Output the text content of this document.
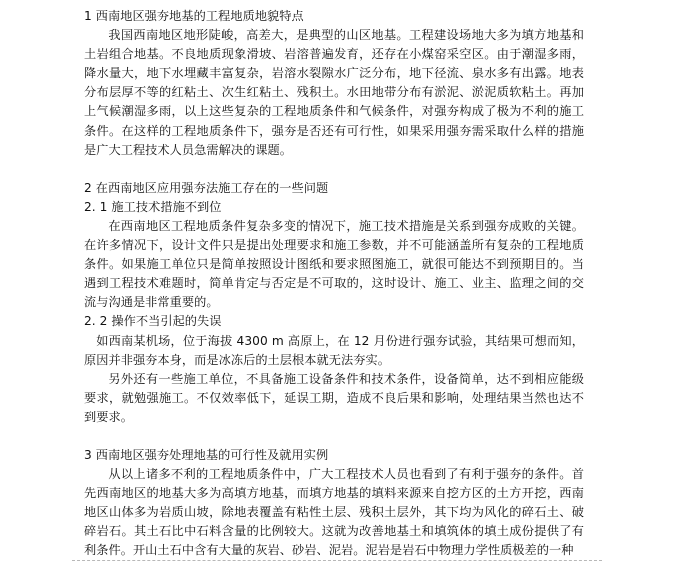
1 西南地区强夯地基的工程地质地貌特点

我国西南地区地形陡峻，高差大，是典型的山区地基。工程建设场地大多为填方地基和土岩组合地基。不良地质现象滑坡、岩溶普遍发育，还存在小煤窑采空区。由于潮湿多雨，降水量大，地下水埋藏丰富复杂，岩溶水裂隙水广泛分布，地下径流、泉水多有出露。地表分布层厚不等的红粘土、次生红粘土、残积土。水田地带分布有淤泥、淤泥质软粘土。再加上气候潮湿多雨，以上这些复杂的工程地质条件和气候条件，对强夯构成了极为不利的施工条件。在这样的工程地质条件下，强夯是否还有可行性，如果采用强夯需采取什么样的措施是广大工程技术人员急需解决的课题。

2 在西南地区应用强夯法施工存在的一些问题

2. 1 施工技术措施不到位

在西南地区工程地质条件复杂多变的情况下，施工技术措施是关系到强夯成败的关键。在许多情况下，设计文件只是提出处理要求和施工参数，并不可能涵盖所有复杂的工程地质条件。如果施工单位只是简单按照设计图纸和要求照图施工，就很可能达不到预期目的。当遇到工程技术难题时，简单肯定与否定是不可取的，这时设计、施工、业主、监理之间的交流与沟通是非常重要的。

2. 2 操作不当引起的失误

如西南某机场，位于海拔 4300 m 高原上，在 12 月份进行强夯试验，其结果可想而知，原因并非强夯本身，而是冰冻后的土层根本就无法夯实。

另外还有一些施工单位，不具备施工设备条件和技术条件，设备简单，达不到相应能级要求，就勉强施工。不仅效率低下，延误工期，造成不良后果和影响，处理结果当然也达不到要求。

3 西南地区强夯处理地基的可行性及就用实例

从以上诸多不利的工程地质条件中，广大工程技术人员也看到了有利于强夯的条件。首先西南地区的地基大多为高填方地基，而填方地基的填料来源来自挖方区的土方开挖，西南地区山体多为岩质山坡，除地表覆盖有粘性土层、残积土层外，其下均为风化的碎石土、破碎岩石。其土石比中石料含量的比例较大。这就为改善地基土和填筑体的填土成份提供了有利条件。开山土石中含有大量的灰岩、砂岩、泥岩。泥岩是岩石中物理力学性质极差的一种
